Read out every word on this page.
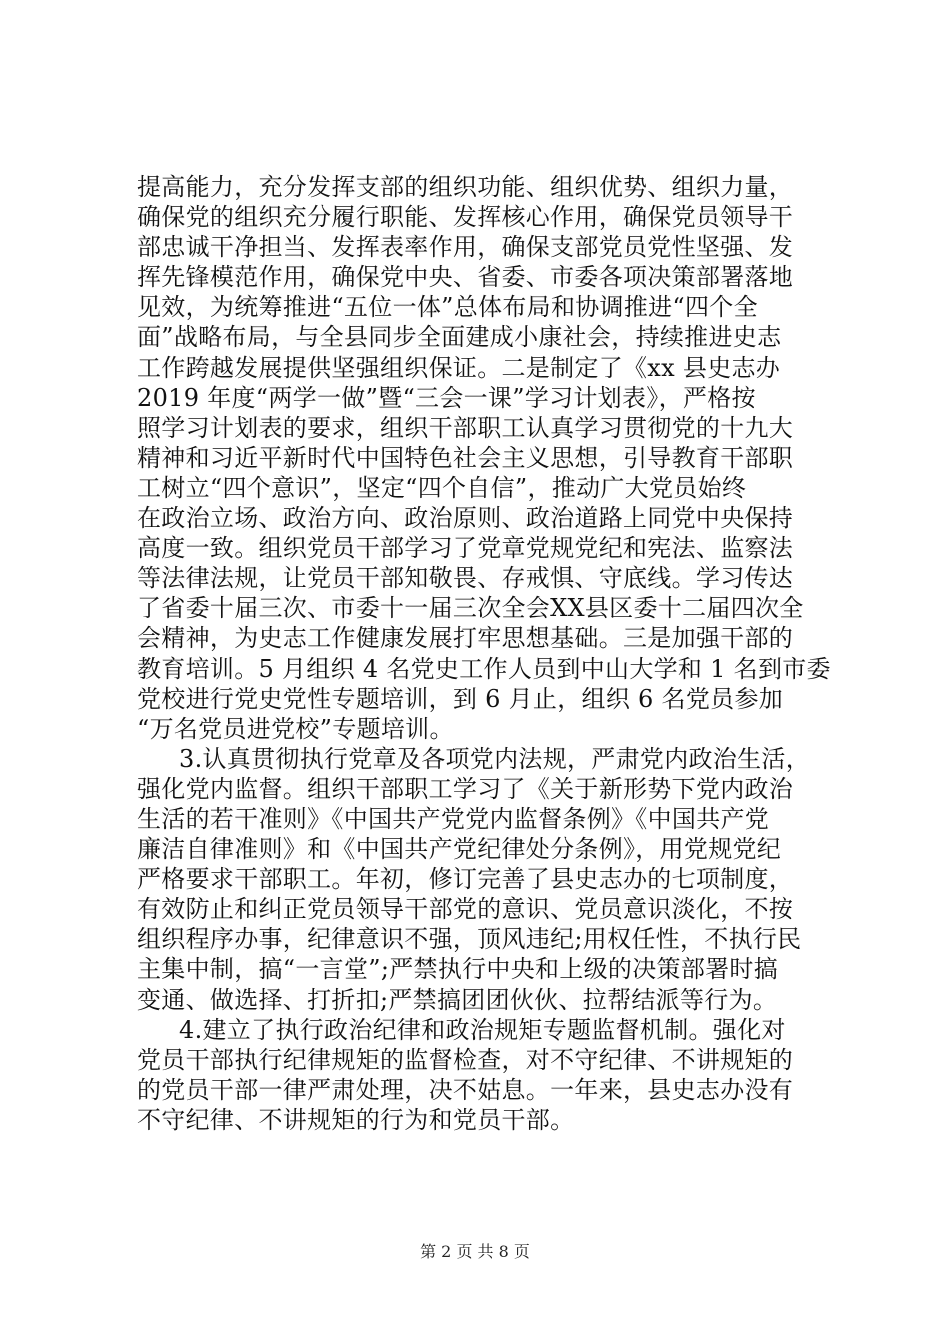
提高能力，充分发挥支部的组织功能、组织优势、组织力量，
确保党的组织充分履行职能、发挥核心作用，确保党员领导干
部忠诚干净担当、发挥表率作用，确保支部党员党性坚强、发
挥先锋模范作用，确保党中央、省委、市委各项决策部署落地
见效，为统筹推进“五位一体”总体布局和协调推进“四个全
面”战略布局，与全县同步全面建成小康社会，持续推进史志
工作跨越发展提供坚强组织保证。二是制定了《xx 县史志办
2019 年度“两学一做”暨“三会一课”学习计划表》，严格按
照学习计划表的要求，组织干部职工认真学习贯彻党的十九大
精神和习近平新时代中国特色社会主义思想，引导教育干部职
工树立“四个意识”，坚定“四个自信”，推动广大党员始终
在政治立场、政治方向、政治原则、政治道路上同党中央保持
高度一致。组织党员干部学习了党章党规党纪和宪法、监察法
等法律法规，让党员干部知敬畏、存戒惧、守底线。学习传达
了省委十届三次、市委十一届三次全会XX县区委十二届四次全
会精神，为史志工作健康发展打牢思想基础。三是加强干部的
教育培训。5 月组织 4 名党史工作人员到中山大学和 1 名到市委
党校进行党史党性专题培训，到 6 月止，组织 6 名党员参加
“万名党员进党校”专题培训。
3.认真贯彻执行党章及各项党内法规，严肃党内政治生活，
强化党内监督。组织干部职工学习了《关于新形势下党内政治
生活的若干准则》《中国共产党党内监督条例》《中国共产党
廉洁自律准则》和《中国共产党纪律处分条例》，用党规党纪
严格要求干部职工。年初，修订完善了县史志办的七项制度，
有效防止和纠正党员领导干部党的意识、党员意识淡化，不按
组织程序办事，纪律意识不强，顶风违纪;用权任性，不执行民
主集中制，搞“一言堂”;严禁执行中央和上级的决策部署时搞
变通、做选择、打折扣;严禁搞团团伙伙、拉帮结派等行为。
4.建立了执行政治纪律和政治规矩专题监督机制。强化对
党员干部执行纪律规矩的监督检查，对不守纪律、不讲规矩的
的党员干部一律严肃处理，决不姑息。一年来，县史志办没有
不守纪律、不讲规矩的行为和党员干部。
第 2 页 共 8 页
